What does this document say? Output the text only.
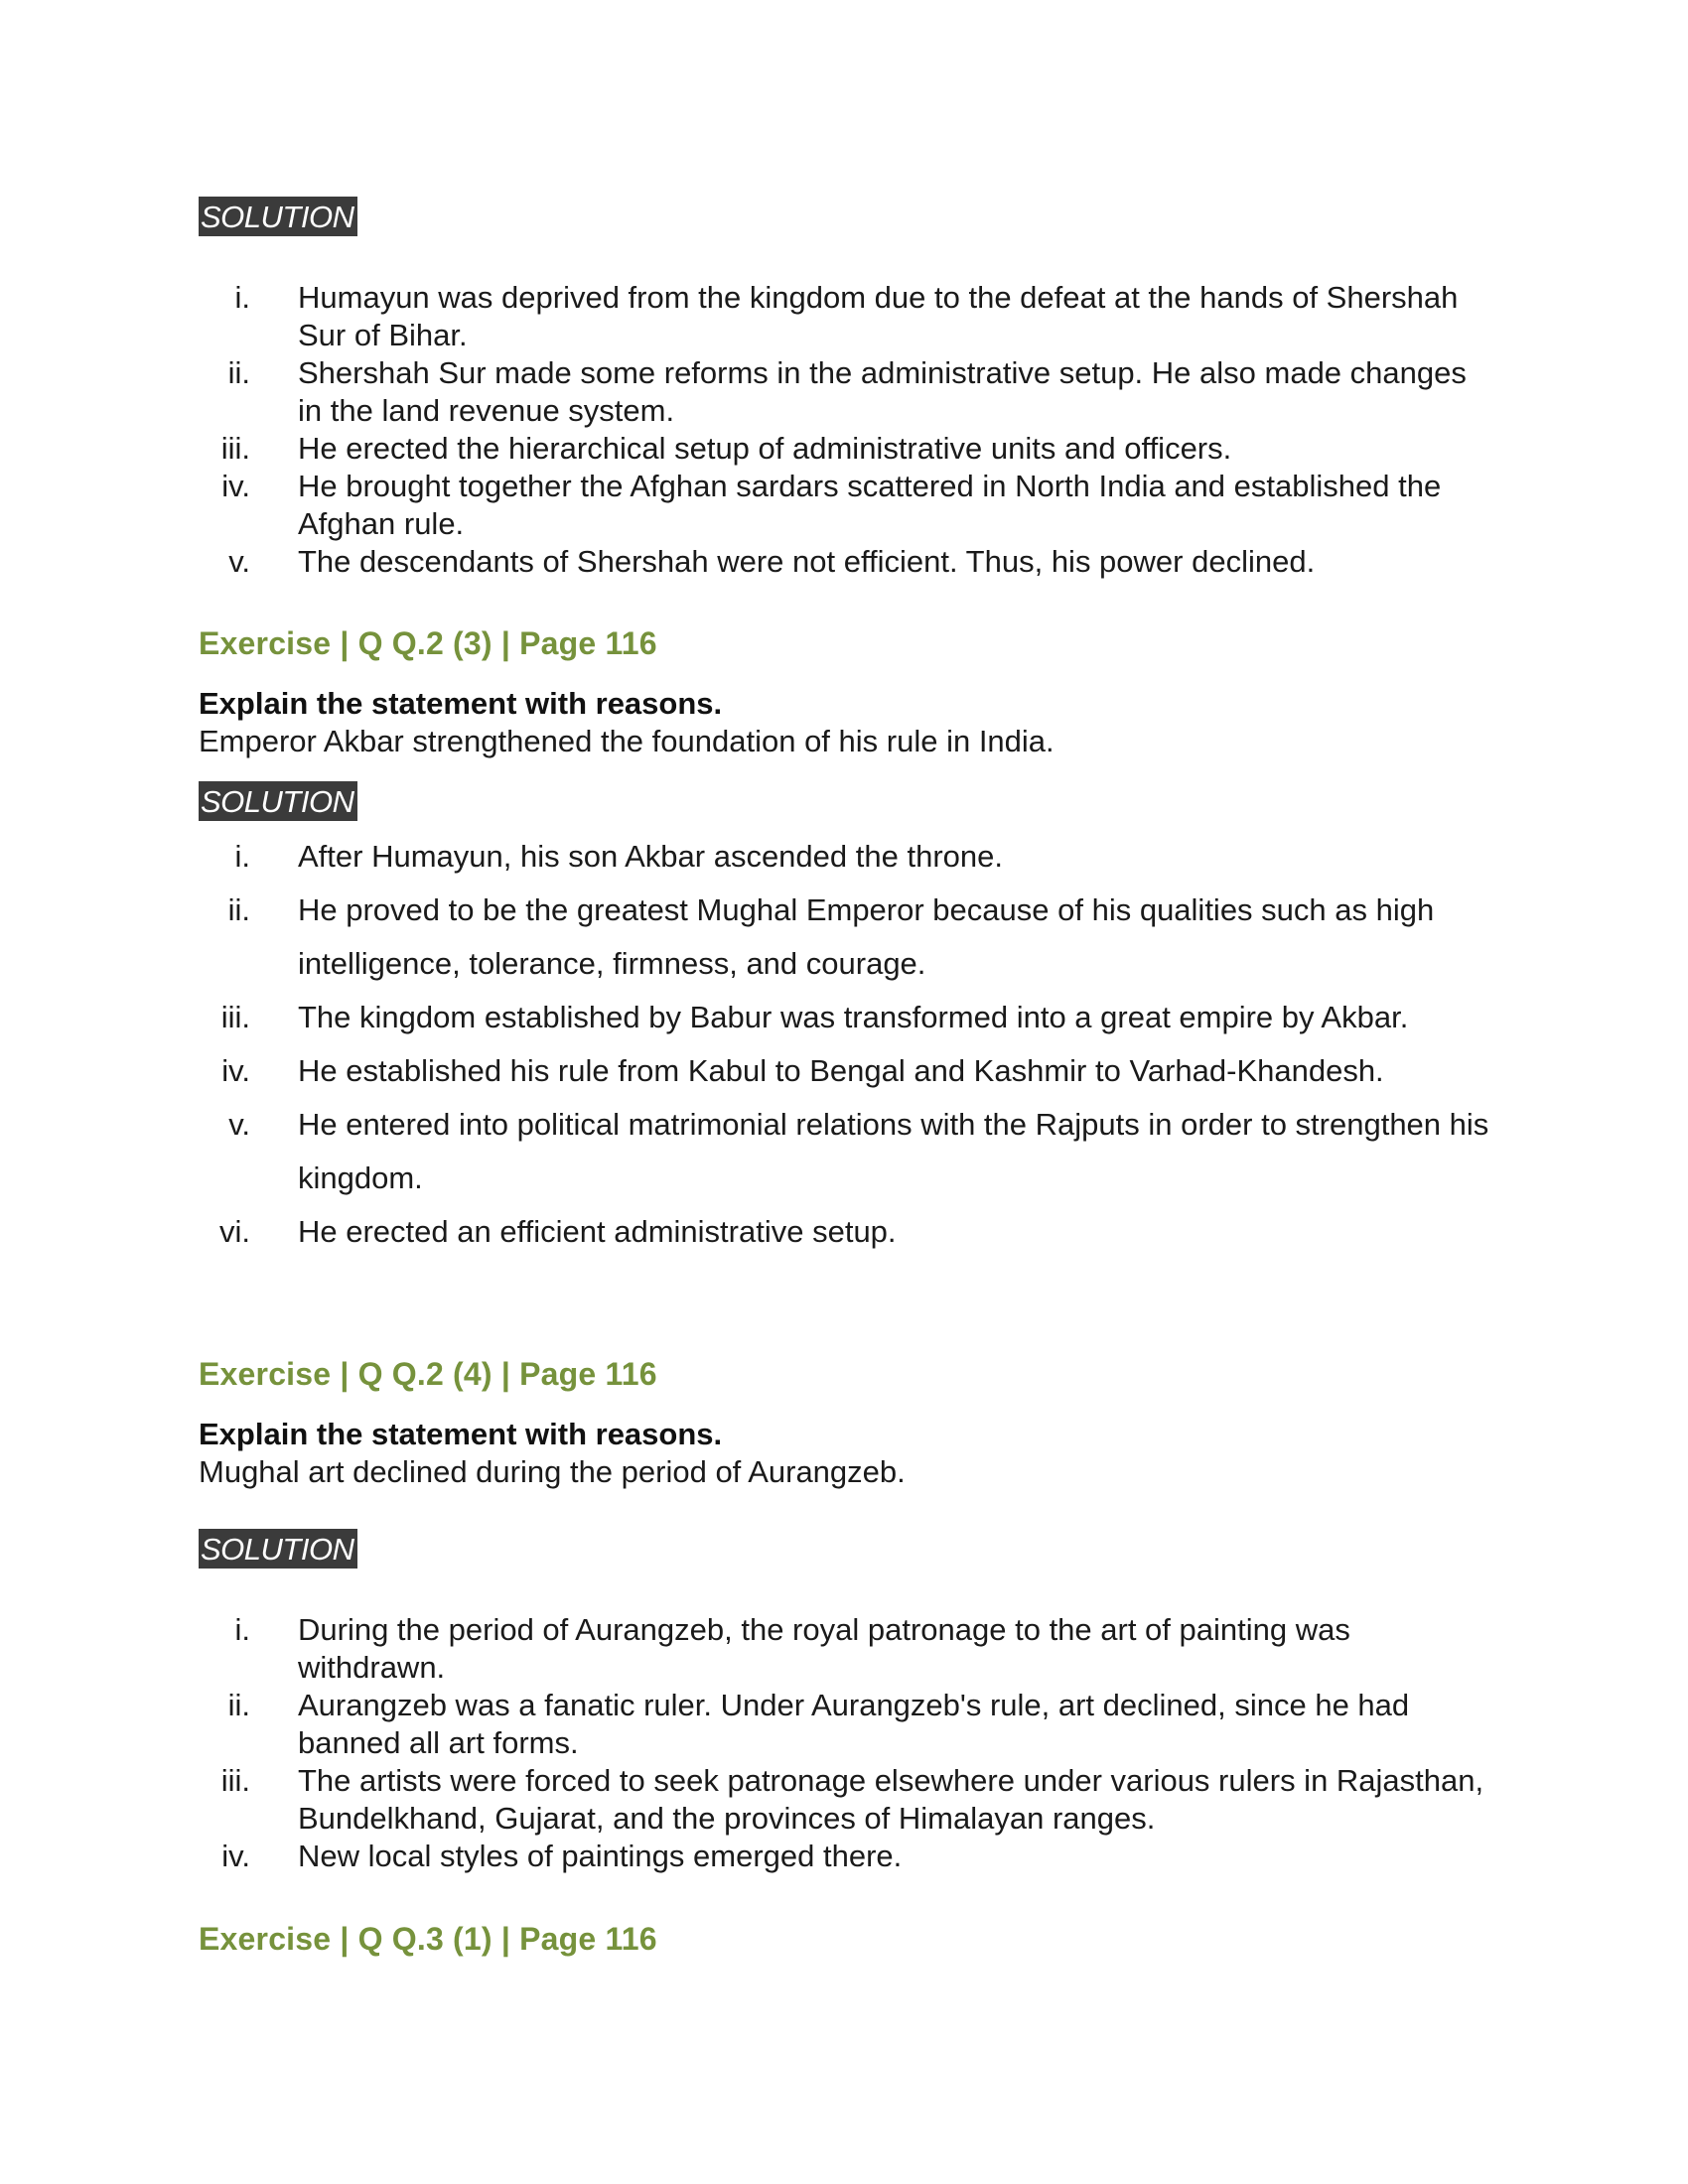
SOLUTION
i. Humayun was deprived from the kingdom due to the defeat at the hands of Shershah Sur of Bihar.
ii. Shershah Sur made some reforms in the administrative setup. He also made changes in the land revenue system.
iii. He erected the hierarchical setup of administrative units and officers.
iv. He brought together the Afghan sardars scattered in North India and established the Afghan rule.
v. The descendants of Shershah were not efficient. Thus, his power declined.
Exercise | Q Q.2 (3) | Page 116
Explain the statement with reasons.
Emperor Akbar strengthened the foundation of his rule in India.
SOLUTION
i. After Humayun, his son Akbar ascended the throne.
ii. He proved to be the greatest Mughal Emperor because of his qualities such as high intelligence, tolerance, firmness, and courage.
iii. The kingdom established by Babur was transformed into a great empire by Akbar.
iv. He established his rule from Kabul to Bengal and Kashmir to Varhad-Khandesh.
v. He entered into political matrimonial relations with the Rajputs in order to strengthen his kingdom.
vi. He erected an efficient administrative setup.
Exercise | Q Q.2 (4) | Page 116
Explain the statement with reasons.
Mughal art declined during the period of Aurangzeb.
SOLUTION
i. During the period of Aurangzeb, the royal patronage to the art of painting was withdrawn.
ii. Aurangzeb was a fanatic ruler. Under Aurangzeb's rule, art declined, since he had banned all art forms.
iii. The artists were forced to seek patronage elsewhere under various rulers in Rajasthan, Bundelkhand, Gujarat, and the provinces of Himalayan ranges.
iv. New local styles of paintings emerged there.
Exercise | Q Q.3 (1) | Page 116
